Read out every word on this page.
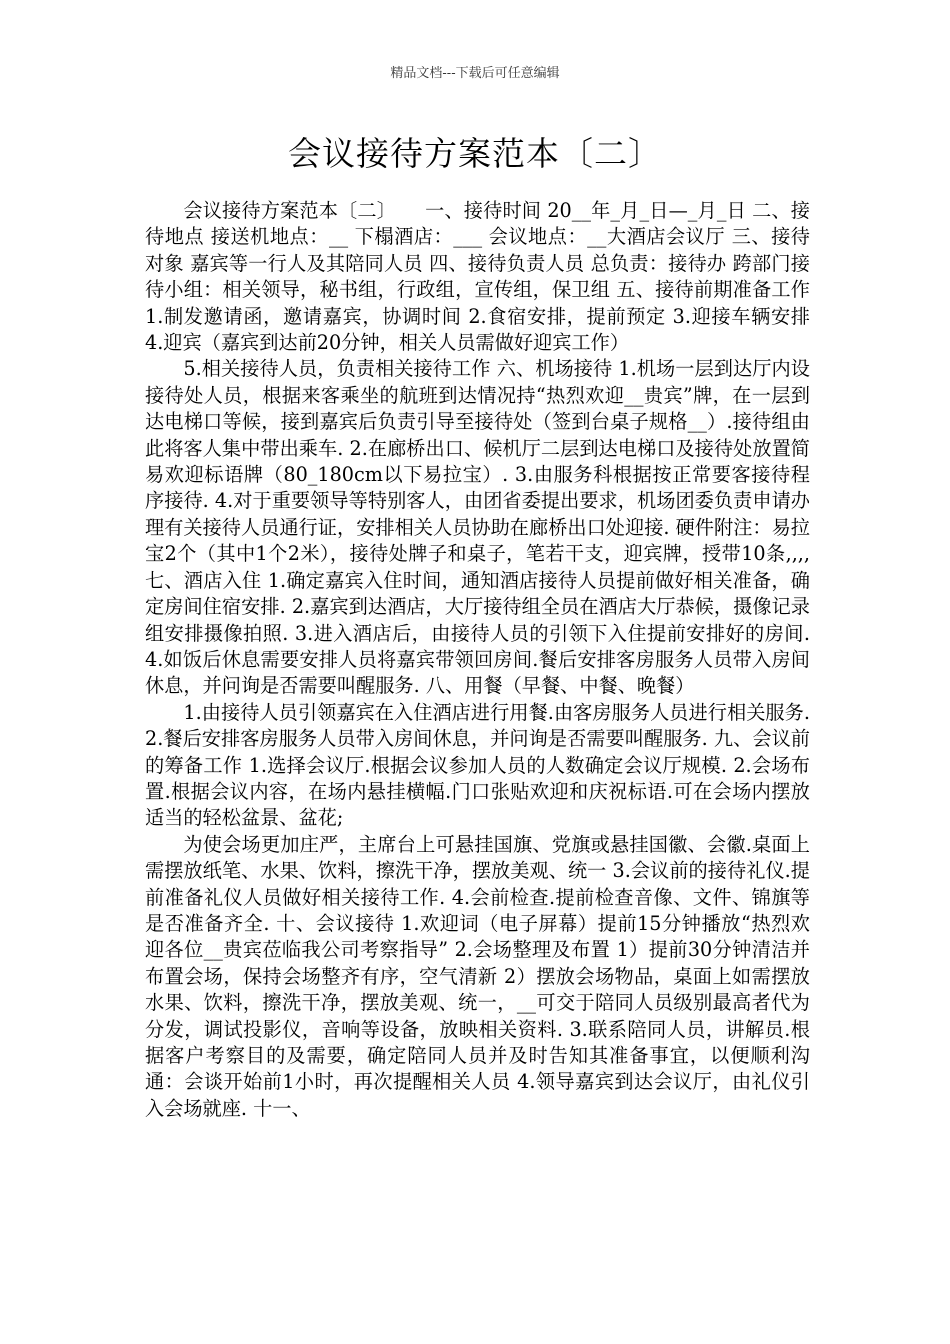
精品文档---下载后可任意编辑
会议接待方案范本〔二〕

会议接待方案范本〔二〕　　一、接待时间 20__年_月_日—_月_日 二、接待地点 接送机地点：__ 下榻酒店：___ 会议地点：__大酒店会议厅 三、接待对象 嘉宾等一行人及其陪同人员 四、接待负责人员 总负责：接待办 跨部门接待小组：相关领导，秘书组，行政组，宣传组，保卫组 五、接待前期准备工作 1.制发邀请函，邀请嘉宾，协调时间 2.食宿安排，提前预定 3.迎接车辆安排 4.迎宾（嘉宾到达前20分钟，相关人员需做好迎宾工作）

5.相关接待人员，负责相关接待工作 六、机场接待 1.机场一层到达厅内设接待处人员，根据来客乘坐的航班到达情况持“热烈欢迎__贵宾”牌，在一层到达电梯口等候，接到嘉宾后负责引导至接待处（签到台桌子规格__）.接待组由此将客人集中带出乘车. 2.在廊桥出口、候机厅二层到达电梯口及接待处放置简易欢迎标语牌（80_180cm以下易拉宝）. 3.由服务科根据按正常要客接待程序接待. 4.对于重要领导等特别客人，由团省委提出要求，机场团委负责申请办理有关接待人员通行证，安排相关人员协助在廊桥出口处迎接. 硬件附注：易拉宝2个（其中1个2米），接待处牌子和桌子，笔若干支，迎宾牌，授带10条,,,, 七、酒店入住 1.确定嘉宾入住时间，通知酒店接待人员提前做好相关准备，确定房间住宿安排. 2.嘉宾到达酒店，大厅接待组全员在酒店大厅恭候，摄像记录组安排摄像拍照. 3.进入酒店后，由接待人员的引领下入住提前安排好的房间. 4.如饭后休息需要安排人员将嘉宾带领回房间.餐后安排客房服务人员带入房间休息，并问询是否需要叫醒服务. 八、用餐（早餐、中餐、晚餐）

1.由接待人员引领嘉宾在入住酒店进行用餐.由客房服务人员进行相关服务. 2.餐后安排客房服务人员带入房间休息，并问询是否需要叫醒服务. 九、会议前的筹备工作 1.选择会议厅.根据会议参加人员的人数确定会议厅规模. 2.会场布置.根据会议内容，在场内悬挂横幅.门口张贴欢迎和庆祝标语.可在会场内摆放适当的轻松盆景、盆花;

为使会场更加庄严，主席台上可悬挂国旗、党旗或悬挂国徽、会徽.桌面上需摆放纸笔、水果、饮料，擦洗干净，摆放美观、统一 3.会议前的接待礼仪.提前准备礼仪人员做好相关接待工作. 4.会前检查.提前检查音像、文件、锦旗等是否准备齐全. 十、会议接待 1.欢迎词（电子屏幕）提前15分钟播放“热烈欢迎各位__贵宾莅临我公司考察指导” 2.会场整理及布置 1）提前30分钟清洁并布置会场，保持会场整齐有序，空气清新 2）摆放会场物品，桌面上如需摆放水果、饮料，擦洗干净，摆放美观、统一，__可交于陪同人员级别最高者代为分发，调试投影仪，音响等设备，放映相关资料. 3.联系陪同人员，讲解员.根据客户考察目的及需要，确定陪同人员并及时告知其准备事宜，以便顺利沟通：会谈开始前1小时，再次提醒相关人员 4.领导嘉宾到达会议厅，由礼仪引入会场就座. 十一、
